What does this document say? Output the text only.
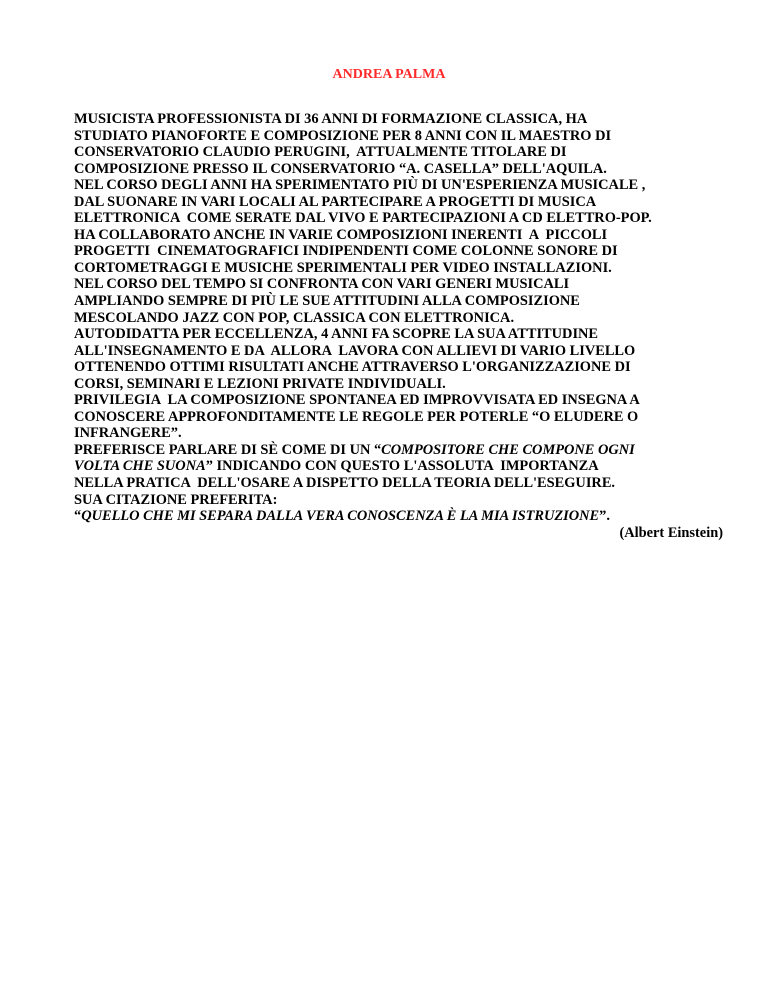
ANDREA PALMA
MUSICISTA PROFESSIONISTA DI 36 ANNI DI FORMAZIONE CLASSICA, HA
STUDIATO PIANOFORTE E COMPOSIZIONE PER 8 ANNI CON IL MAESTRO DI
CONSERVATORIO CLAUDIO PERUGINI,  ATTUALMENTE TITOLARE DI
COMPOSIZIONE PRESSO IL CONSERVATORIO “A. CASELLA” DELL'AQUILA.
NEL CORSO DEGLI ANNI HA SPERIMENTATO PIÙ DI UN'ESPERIENZA MUSICALE ,
DAL SUONARE IN VARI LOCALI AL PARTECIPARE A PROGETTI DI MUSICA
ELETTRONICA  COME SERATE DAL VIVO E PARTECIPAZIONI A CD ELETTRO-POP.
HA COLLABORATO ANCHE IN VARIE COMPOSIZIONI INERENTI  A  PICCOLI
PROGETTI  CINEMATOGRAFICI INDIPENDENTI COME COLONNE SONORE DI
CORTOMETRAGGI E MUSICHE SPERIMENTALI PER VIDEO INSTALLAZIONI.
NEL CORSO DEL TEMPO SI CONFRONTA CON VARI GENERI MUSICALI
AMPLIANDO SEMPRE DI PIÙ LE SUE ATTITUDINI ALLA COMPOSIZIONE
MESCOLANDO JAZZ CON POP, CLASSICA CON ELETTRONICA.
AUTODIDATTA PER ECCELLENZA, 4 ANNI FA SCOPRE LA SUA ATTITUDINE
ALL'INSEGNAMENTO E DA  ALLORA  LAVORA CON ALLIEVI DI VARIO LIVELLO
OTTENENDO OTTIMI RISULTATI ANCHE ATTRAVERSO L'ORGANIZZAZIONE DI
CORSI, SEMINARI E LEZIONI PRIVATE INDIVIDUALI.
PRIVILEGIA  LA COMPOSIZIONE SPONTANEA ED IMPROVVISATA ED INSEGNA A
CONOSCERE APPROFONDITAMENTE LE REGOLE PER POTERLE “O ELUDERE O
INFRANGERE”.
PREFERISCE PARLARE DI SÈ COME DI UN “COMPOSITORE CHE COMPONE OGNI
VOLTA CHE SUONA” INDICANDO CON QUESTO L'ASSOLUTA  IMPORTANZA
NELLA PRATICA  DELL'OSARE A DISPETTO DELLA TEORIA DELL'ESEGUIRE.
SUA CITAZIONE PREFERITA:
“QUELLO CHE MI SEPARA DALLA VERA CONOSCENZA È LA MIA ISTRUZIONE”.
(Albert Einstein)
